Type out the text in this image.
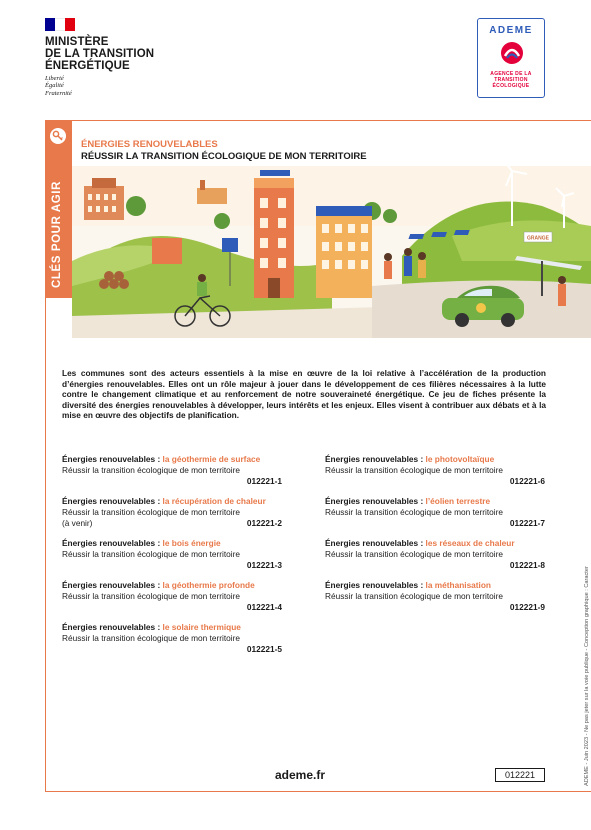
MINISTÈRE
DE LA TRANSITION
ÉNERGÉTIQUE
Liberté
Égalité
Fraternité
ADEME
AGENCE DE LA
TRANSITION
ÉCOLOGIQUE
GRANGE
CLÉS POUR AGIR
ÉNERGIES RENOUVELABLES
RÉUSSIR LA TRANSITION ÉCOLOGIQUE DE MON TERRITOIRE

Les communes sont des acteurs essentiels à la mise en œuvre de la loi relative à l’accélération de la production d’énergies renouvelables. Elles ont un rôle majeur à jouer dans le développement de ces filières nécessaires à la lutte contre le changement climatique et au renforcement de notre souveraineté énergétique. Ce jeu de fiches présente la diversité des énergies renouvelables à développer, leurs intérêts et les enjeux. Elles visent à contribuer aux débats et à la mise en œuvre des objectifs de planification.

Énergies renouvelables : la géothermie de surface
Réussir la transition écologique de mon territoire
012221-1
Énergies renouvelables : la récupération de chaleur
Réussir la transition écologique de mon territoire
(à venir)	012221-2
Énergies renouvelables : le bois énergie
Réussir la transition écologique de mon territoire
012221-3
Énergies renouvelables : la géothermie profonde
Réussir la transition écologique de mon territoire
012221-4
Énergies renouvelables : le solaire thermique
Réussir la transition écologique de mon territoire
012221-5
Énergies renouvelables : le photovoltaïque
Réussir la transition écologique de mon territoire
012221-6
Énergies renouvelables : l’éolien terrestre
Réussir la transition écologique de mon territoire
012221-7
Énergies renouvelables : les réseaux de chaleur
Réussir la transition écologique de mon territoire
012221-8
Énergies renouvelables : la méthanisation
Réussir la transition écologique de mon territoire
012221-9
ademe.fr	012221	ADEME - Juin 2023 - Ne pas jeter sur la voie publique - Conception graphique : Caracter
